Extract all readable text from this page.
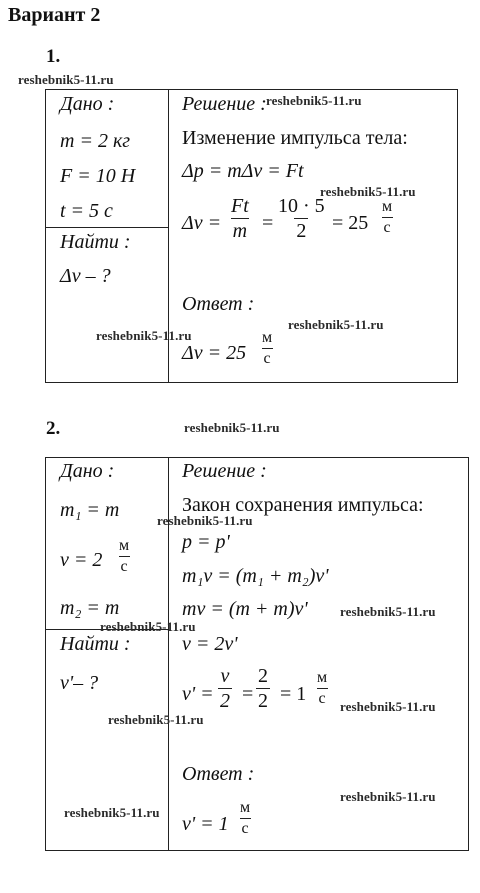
Вариант 2
1.
reshebnik5-11.ru
Дано :
m = 2 кг
F = 10 Н
t = 5 с
Найти :
Δv – ?
Решение : reshebnik5-11.ru
Изменение импульса тела:
Δp = mΔv = Ft
reshebnik5-11.ru
$\Delta v = \frac{Ft}{m} = \frac{10 \cdot 5}{2} = 25$
м
с
Ответ :
reshebnik5-11.ru
reshebnik5-11.ru
Δv = 25
м
с
2.	reshebnik5-11.ru
Дано :
m₁ = m
v = 2
м
с
m₂ = m
Найти :
v'– ?
Решение :
Закон сохранения импульса:
reshebnik5-11.ru
p = p'
m₁v = (m₁ + m₂)v'
mv = (m + m)v' reshebnik5-11.ru
reshebnik5-11.ru
v = 2v'
$v' = \frac{v}{2} = \frac{2}{2} = 1$
м
с reshebnik5-11.ru
reshebnik5-11.ru
Ответ :
reshebnik5-11.ru
reshebnik5-11.ru
v' = 1
м
с
